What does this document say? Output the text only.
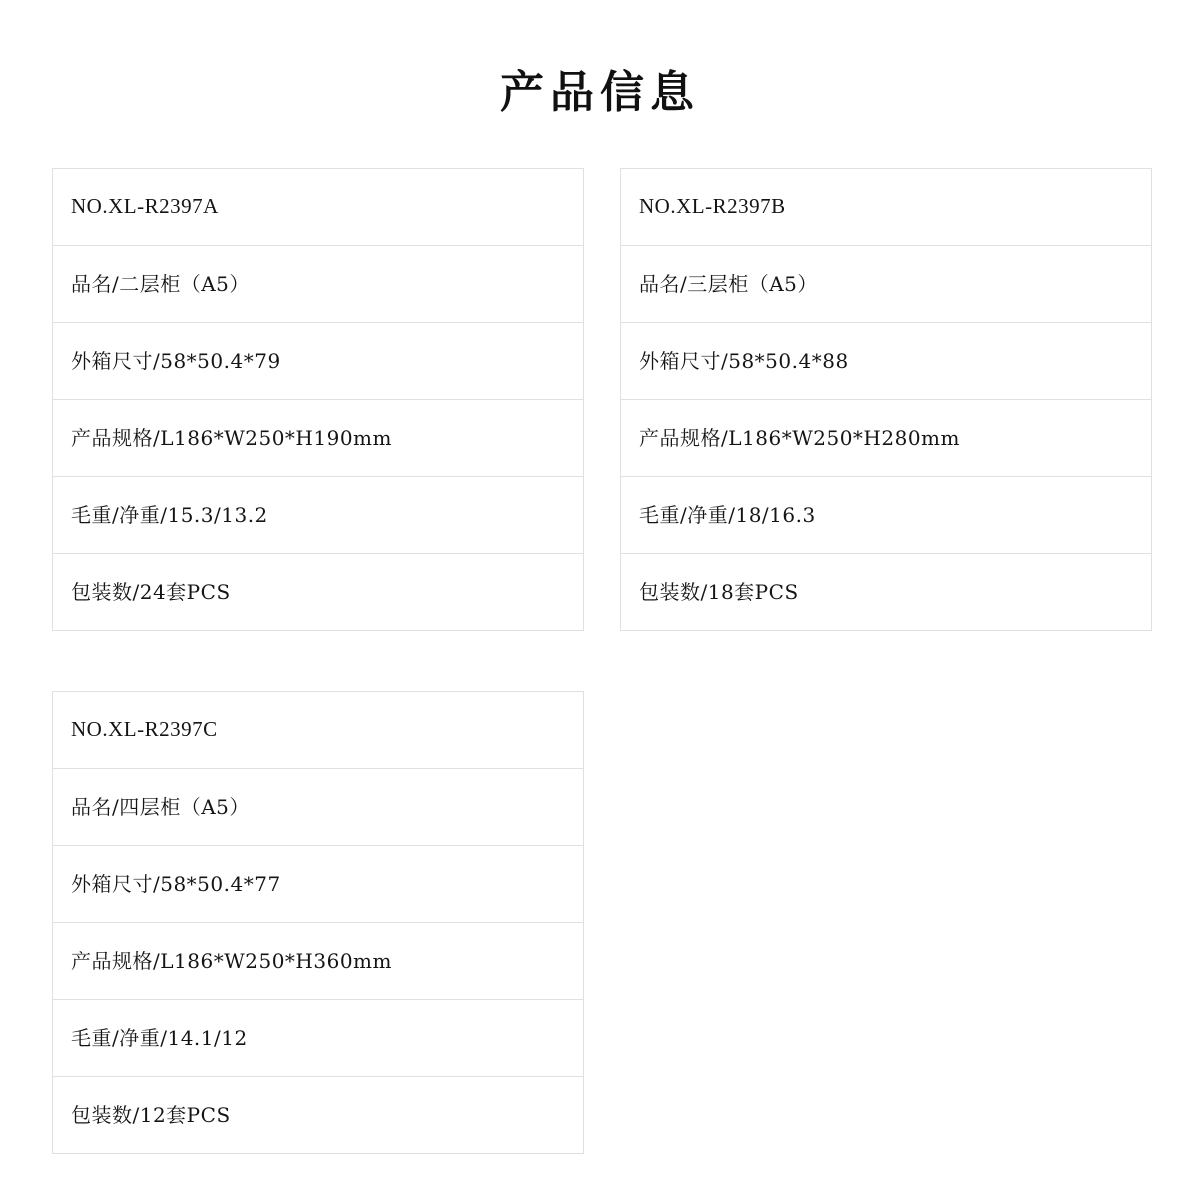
产品信息
NO.XL-R2397A
品名/二层柜（A5）
外箱尺寸/58*50.4*79
产品规格/L186*W250*H190mm
毛重/净重/15.3/13.2
包装数/24套PCS
NO.XL-R2397B
品名/三层柜（A5）
外箱尺寸/58*50.4*88
产品规格/L186*W250*H280mm
毛重/净重/18/16.3
包装数/18套PCS
NO.XL-R2397C
品名/四层柜（A5）
外箱尺寸/58*50.4*77
产品规格/L186*W250*H360mm
毛重/净重/14.1/12
包装数/12套PCS
